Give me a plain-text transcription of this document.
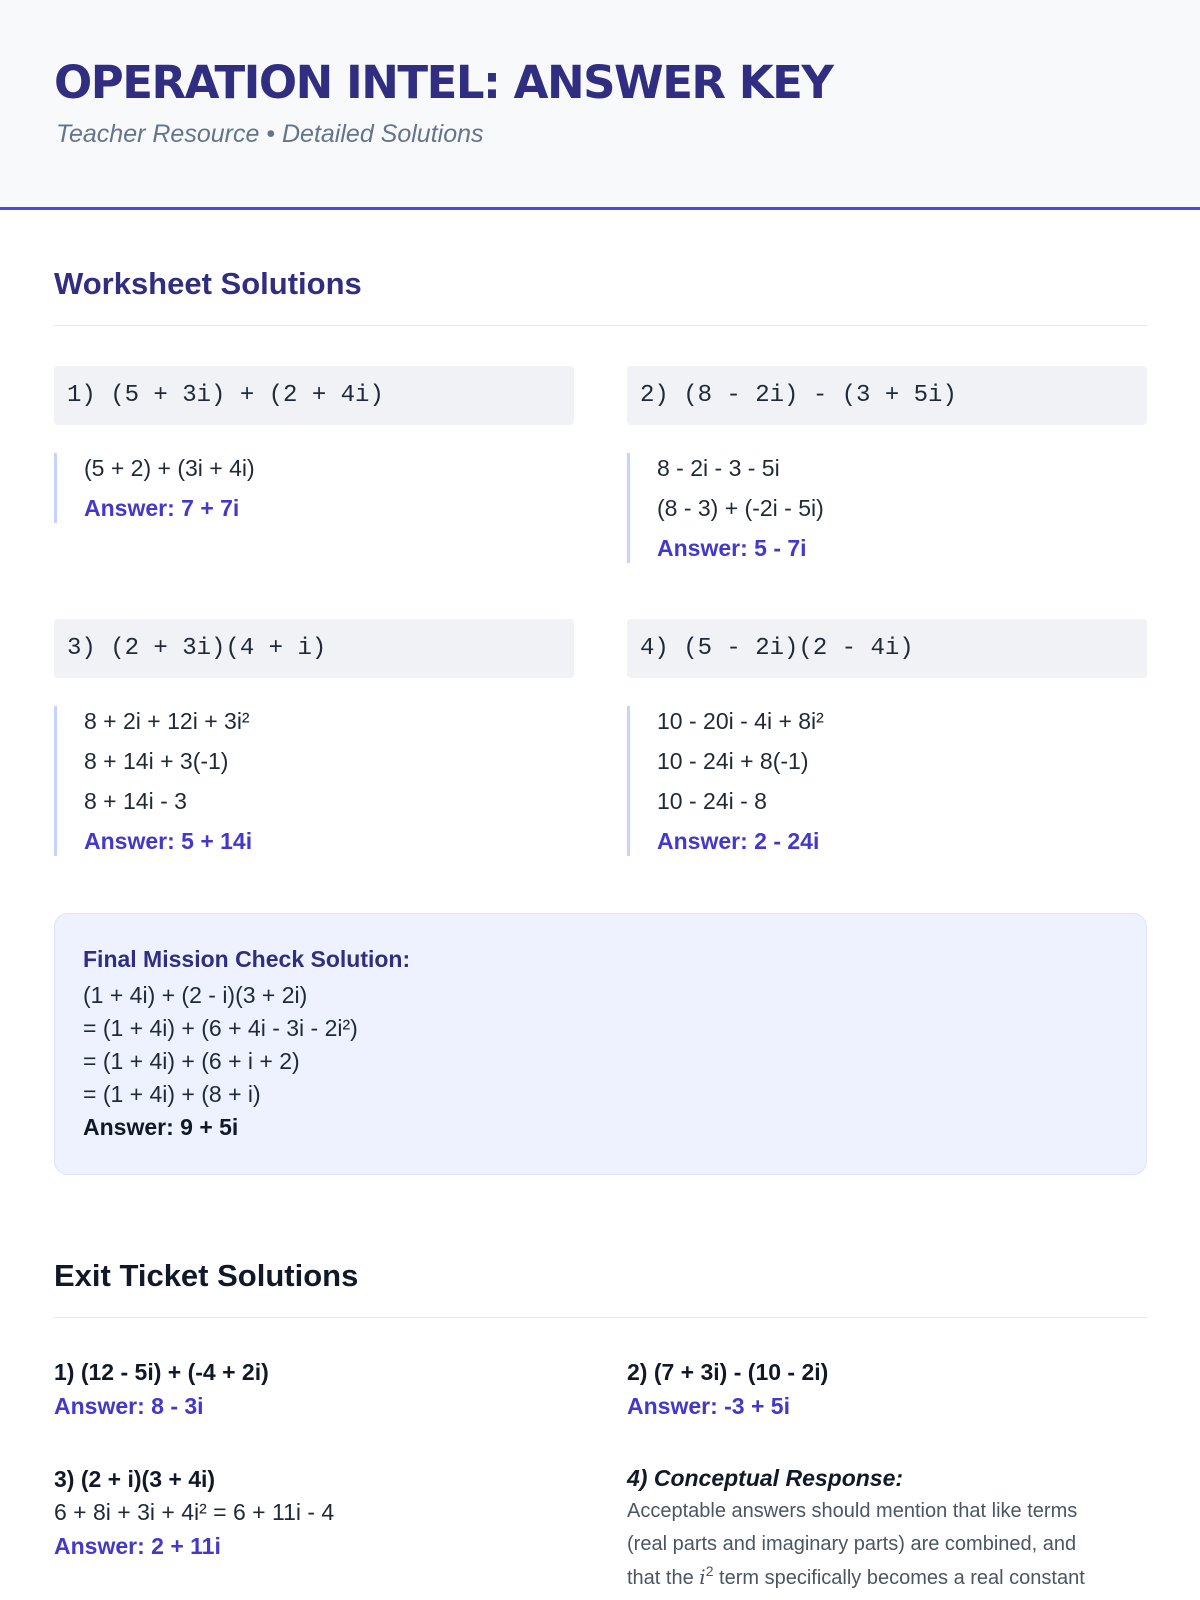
OPERATION INTEL: ANSWER KEY
Teacher Resource • Detailed Solutions
Worksheet Solutions
1) (5 + 3i) + (2 + 4i)
(5 + 2) + (3i + 4i)
Answer: 7 + 7i
2) (8 - 2i) - (3 + 5i)
8 - 2i - 3 - 5i
(8 - 3) + (-2i - 5i)
Answer: 5 - 7i
3) (2 + 3i)(4 + i)
8 + 2i + 12i + 3i²
8 + 14i + 3(-1)
8 + 14i - 3
Answer: 5 + 14i
4) (5 - 2i)(2 - 4i)
10 - 20i - 4i + 8i²
10 - 24i + 8(-1)
10 - 24i - 8
Answer: 2 - 24i
Final Mission Check Solution:
(1 + 4i) + (2 - i)(3 + 2i)
= (1 + 4i) + (6 + 4i - 3i - 2i²)
= (1 + 4i) + (6 + i + 2)
= (1 + 4i) + (8 + i)
Answer: 9 + 5i
Exit Ticket Solutions
1) (12 - 5i) + (-4 + 2i)
Answer: 8 - 3i
2) (7 + 3i) - (10 - 2i)
Answer: -3 + 5i
3) (2 + i)(3 + 4i)
6 + 8i + 3i + 4i² = 6 + 11i - 4
Answer: 2 + 11i
4) Conceptual Response:
Acceptable answers should mention that like terms
(real parts and imaginary parts) are combined, and
that the $i^2$ term specifically becomes a real constant
